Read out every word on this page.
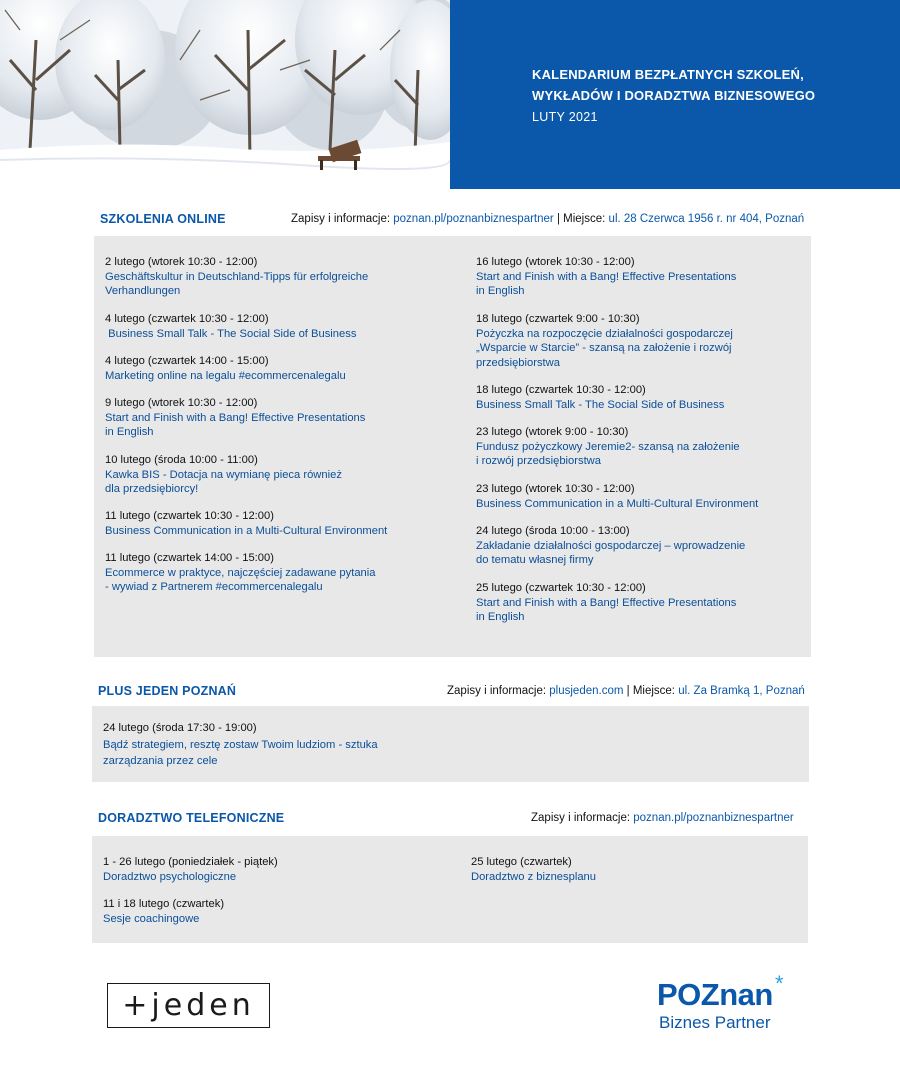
KALENDARIUM BEZPŁATNYCH SZKOLEŃ,
WYKŁADÓW I DORADZTWA BIZNESOWEGO
LUTY 2021
SZKOLENIA ONLINE	Zapisy i informacje: poznan.pl/poznanbiznespartner | Miejsce: ul. 28 Czerwca 1956 r. nr 404, Poznań
2 lutego (wtorek 10:30 - 12:00)
Geschäftskultur in Deutschland-Tipps für erfolgreiche
Verhandlungen
4 lutego (czwartek 10:30 - 12:00)
Business Small Talk - The Social Side of Business
4 lutego (czwartek 14:00 - 15:00)
Marketing online na legalu #ecommercenalegalu
9 lutego (wtorek 10:30 - 12:00)
Start and Finish with a Bang! Effective Presentations
in English
10 lutego (środa 10:00 - 11:00)
Kawka BIS - Dotacja na wymianę pieca również
dla przedsiębiorcy!
11 lutego (czwartek 10:30 - 12:00)
Business Communication in a Multi-Cultural Environment
11 lutego (czwartek 14:00 - 15:00)
Ecommerce w praktyce, najczęściej zadawane pytania
- wywiad z Partnerem #ecommercenalegalu
16 lutego (wtorek 10:30 - 12:00)
Start and Finish with a Bang! Effective Presentations
in English
18 lutego (czwartek 9:00 - 10:30)
Pożyczka na rozpoczęcie działalności gospodarczej
„Wsparcie w Starcie” - szansą na założenie i rozwój
przedsiębiorstwa
18 lutego (czwartek 10:30 - 12:00)
Business Small Talk - The Social Side of Business
23 lutego (wtorek 9:00 - 10:30)
Fundusz pożyczkowy Jeremie2- szansą na założenie
i rozwój przedsiębiorstwa
23 lutego (wtorek 10:30 - 12:00)
Business Communication in a Multi-Cultural Environment
24 lutego (środa 10:00 - 13:00)
Zakładanie działalności gospodarczej – wprowadzenie
do tematu własnej firmy
25 lutego (czwartek 10:30 - 12:00)
Start and Finish with a Bang! Effective Presentations
in English
PLUS JEDEN POZNAŃ	Zapisy i informacje: plusjeden.com | Miejsce: ul. Za Bramką 1, Poznań
24 lutego (środa 17:30 - 19:00)
Bądź strategiem, resztę zostaw Twoim ludziom - sztuka
zarządzania przez cele
DORADZTWO TELEFONICZNE	Zapisy i informacje: poznan.pl/poznanbiznespartner
1 - 26 lutego (poniedziałek - piątek)
Doradztwo psychologiczne
11 i 18 lutego (czwartek)
Sesje coachingowe
25 lutego (czwartek)
Doradztwo z biznesplanu
+jeden	POZnan *
Biznes Partner
